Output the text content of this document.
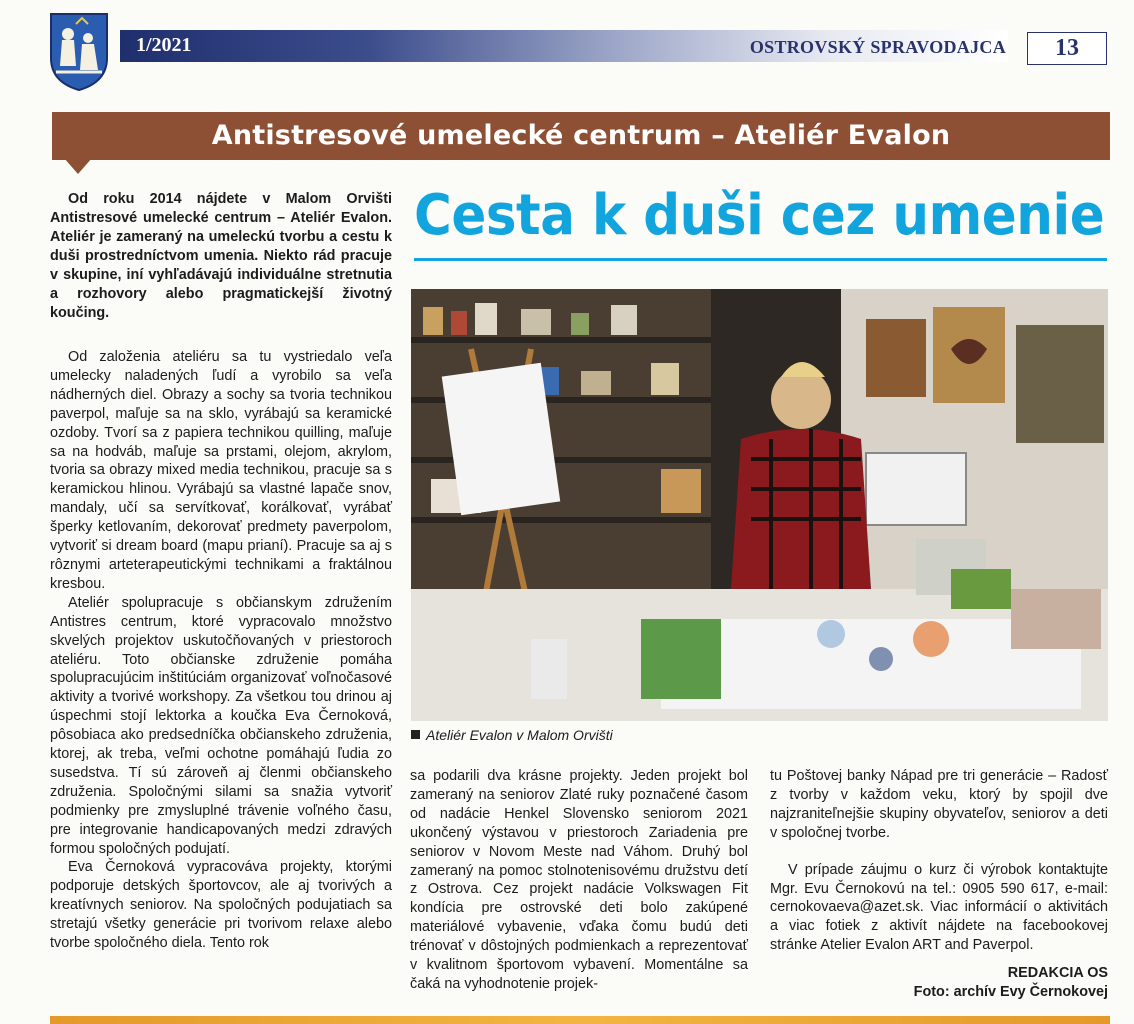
1/2021	OSTROVSKÝ SPRAVODAJCA	13
Antistresové umelecké centrum – Ateliér Evalon
Cesta k duši cez umenie

Od roku 2014 nájdete v Malom Orvišti Antistresové umelecké centrum – Ateliér Evalon. Ateliér je zameraný na umeleckú tvorbu a cestu k duši prostredníctvom umenia. Niekto rád pracuje v skupine, iní vyhľadávajú individuálne stretnutia a rozhovory alebo pragmatickejší životný koučing.

Od založenia ateliéru sa tu vystriedalo veľa umelecky naladených ľudí a vyrobilo sa veľa nádherných diel. Obrazy a sochy sa tvoria technikou paverpol, maľuje sa na sklo, vyrábajú sa keramické ozdoby. Tvorí sa z papiera technikou quilling, maľuje sa na hodváb, maľuje sa prstami, olejom, akrylom, tvoria sa obrazy mixed media technikou, pracuje sa s keramickou hlinou. Vyrábajú sa vlastné lapače snov, mandaly, učí sa servítkovať, korálkovať, vyrábať šperky ketlovaním, dekorovať predmety paverpolom, vytvoriť si dream board (mapu prianí). Pracuje sa aj s rôznymi arteterapeutickými technikami a fraktálnou kresbou.

Ateliér spolupracuje s občianskym združením Antistres centrum, ktoré vypracovalo množstvo skvelých projektov uskutočňovaných v priestoroch ateliéru. Toto občianske združenie pomáha spolupracujúcim inštitúciám organizovať voľnočasové aktivity a tvorivé workshopy. Za všetkou tou drinou aj úspechmi stojí lektorka a koučka Eva Černoková, pôsobiaca ako predsedníčka občianskeho združenia, ktorej, ak treba, veľmi ochotne pomáhajú ľudia zo susedstva. Tí sú zároveň aj členmi občianskeho združenia. Spoločnými silami sa snažia vytvoriť podmienky pre zmysluplné trávenie voľného času, pre integrovanie handicapovaných medzi zdravých formou spoločných podujatí.

Eva Černoková vypracováva projekty, ktorými podporuje detských športovcov, ale aj tvorivých a kreatívnych seniorov. Na spoločných podujatiach sa stretajú všetky generácie pri tvorivom relaxe alebo tvorbe spoločného diela. Tento rok

Ateliér Evalon v Malom Orvišti

sa podarili dva krásne projekty. Jeden projekt bol zameraný na seniorov Zlaté ruky poznačené časom od nadácie Henkel Slovensko seniorom 2021 ukončený výstavou v priestoroch Zariadenia pre seniorov v Novom Meste nad Váhom. Druhý bol zameraný na pomoc stolnotenisovému družstvu detí z Ostrova. Cez projekt nadácie Volkswagen Fit kondícia pre ostrovské deti bolo zakúpené materiálové vybavenie, vďaka čomu budú deti trénovať v dôstojných podmienkach a reprezentovať v kvalitnom športovom vybavení. Momentálne sa čaká na vyhodnotenie projek-

tu Poštovej banky Nápad pre tri generácie – Radosť z tvorby v každom veku, ktorý by spojil dve najzraniteľnejšie skupiny obyvateľov, seniorov a deti v spoločnej tvorbe.

V prípade záujmu o kurz či výrobok kontaktujte Mgr. Evu Černokovú na tel.: 0905 590 617, e-mail: cernokovaeva@azet.sk. Viac informácií o aktivitách a viac fotiek z aktivít nájdete na facebookovej stránke Atelier Evalon ART and Paverpol.

REDAKCIA OS
Foto: archív Evy Černokovej
